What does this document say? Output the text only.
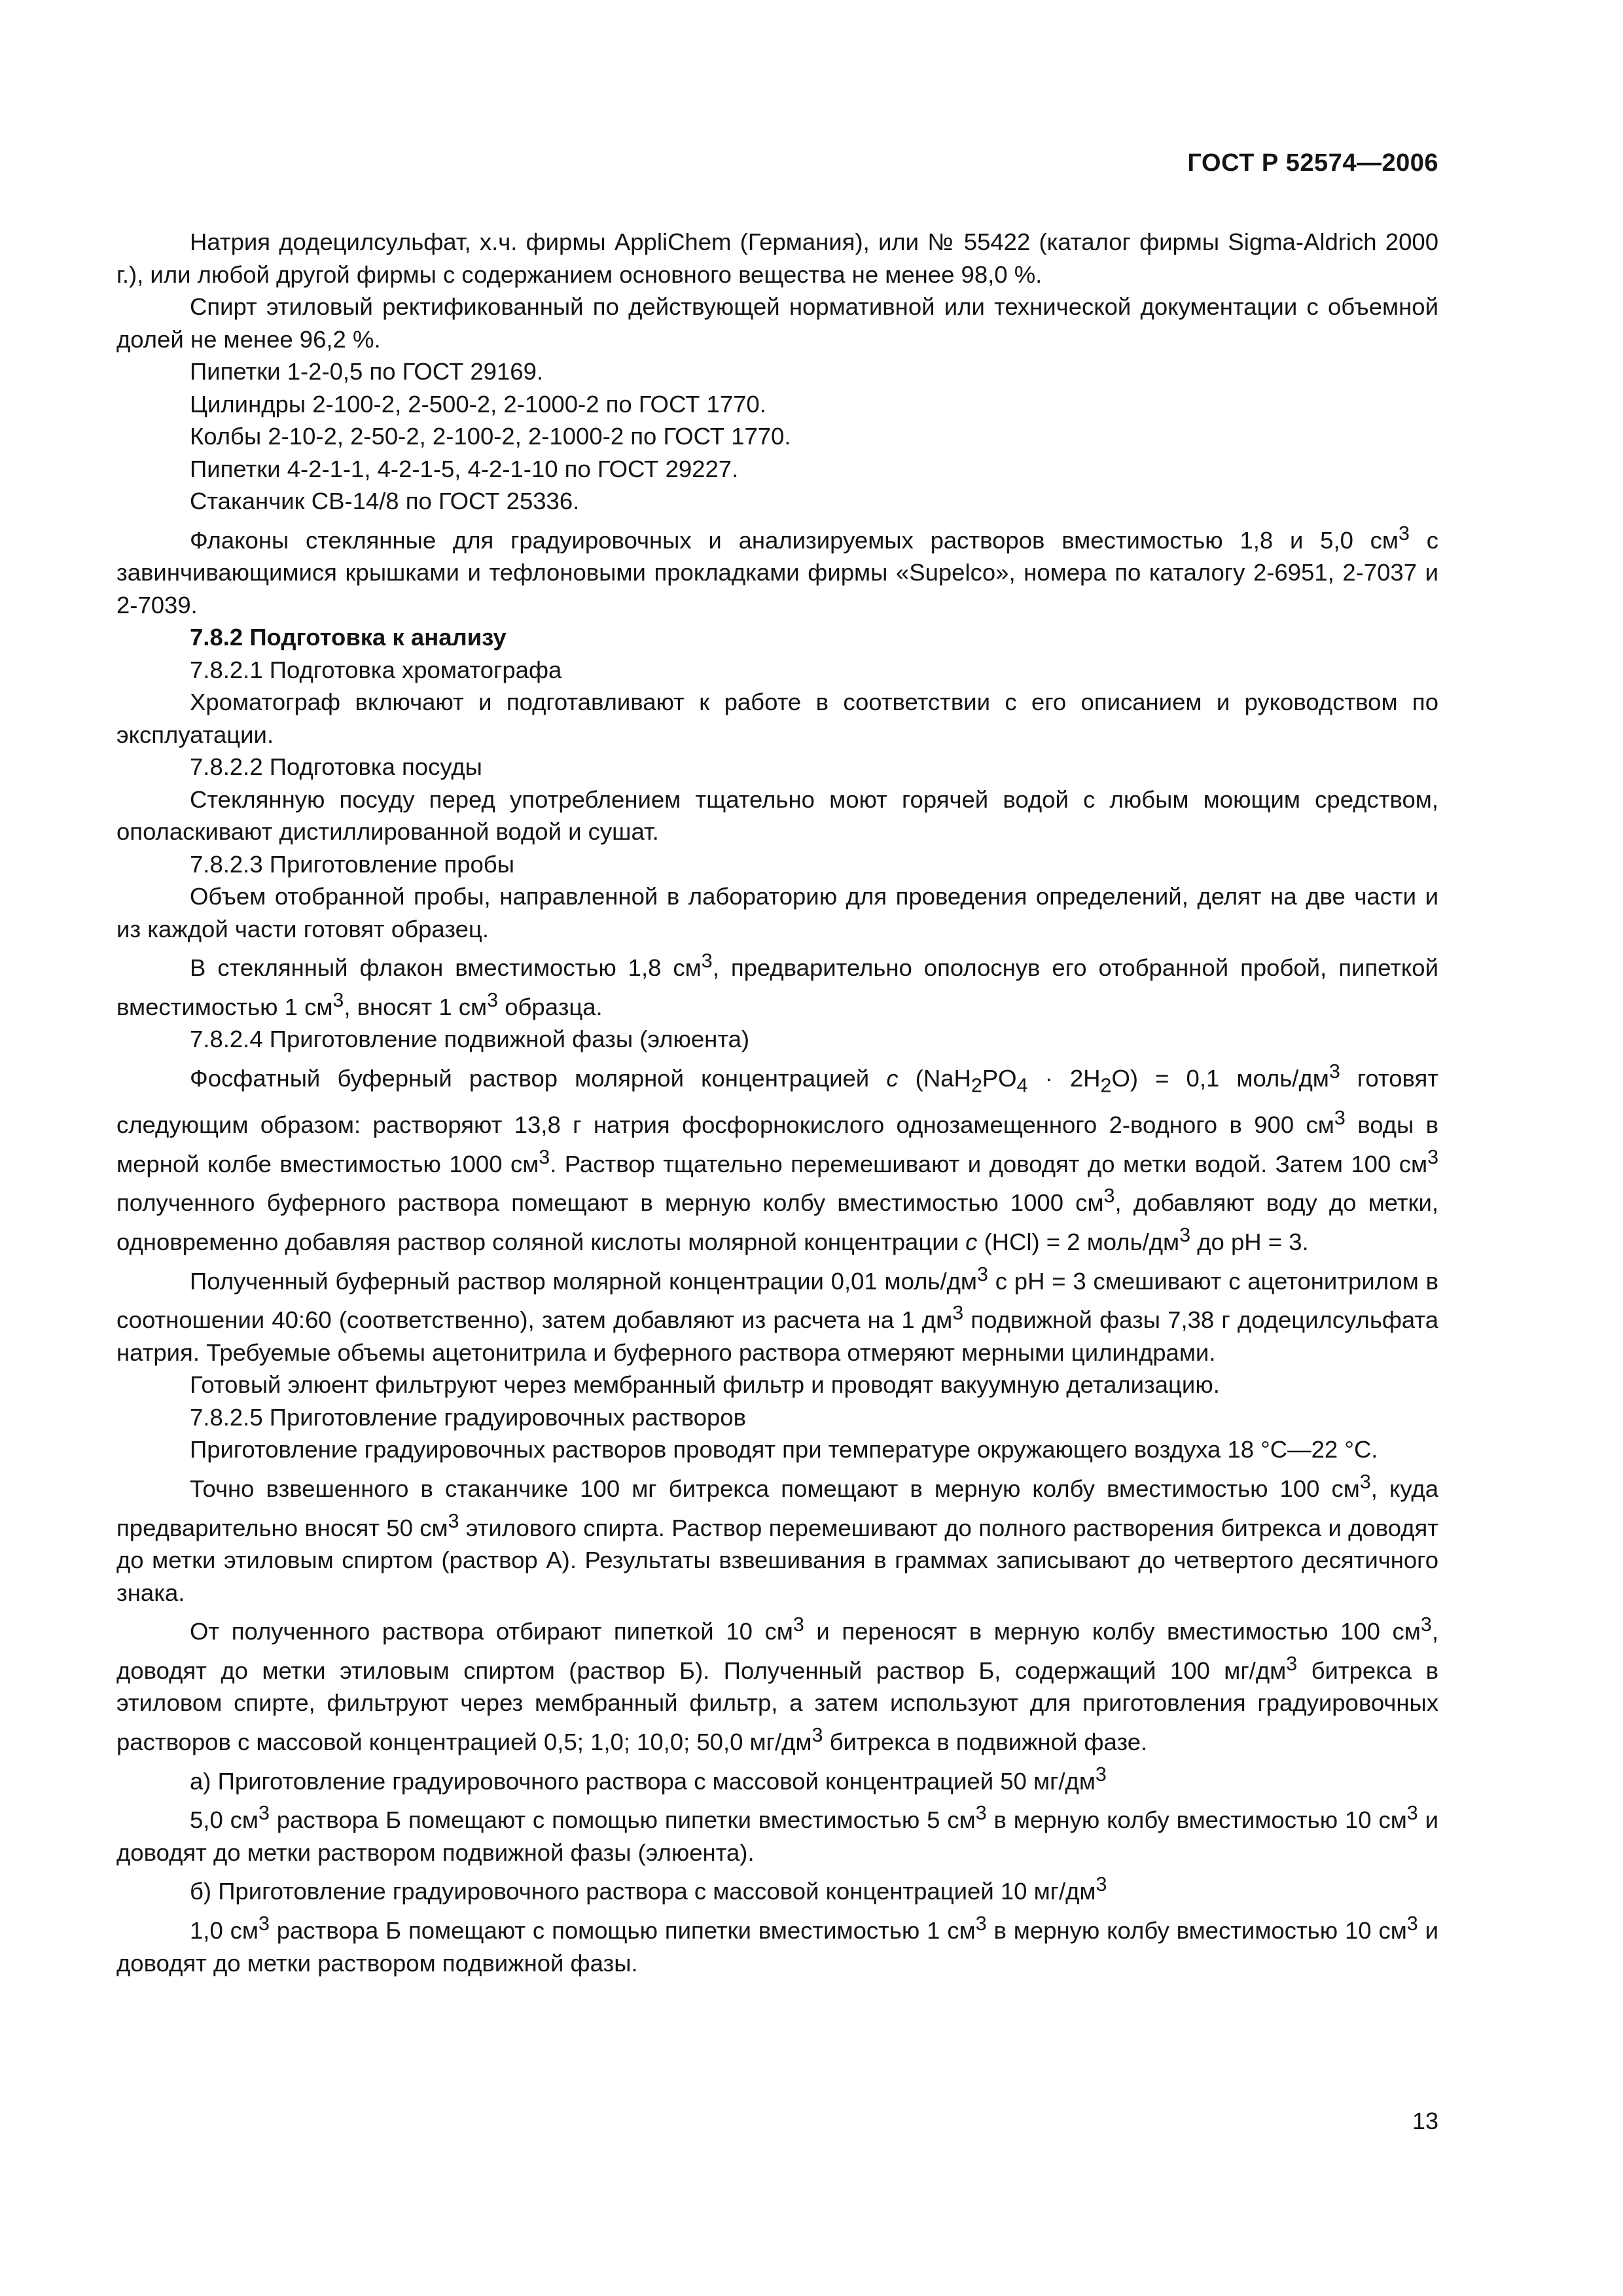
ГОСТ Р 52574—2006

Натрия додецилсульфат, х.ч. фирмы AppliChem (Германия), или № 55422 (каталог фирмы Sigma-Aldrich 2000 г.), или любой другой фирмы с содержанием основного вещества не менее 98,0 %.

Спирт этиловый ректификованный по действующей нормативной или технической документации с объемной долей не менее 96,2 %.

Пипетки 1-2-0,5 по ГОСТ 29169.

Цилиндры 2-100-2, 2-500-2, 2-1000-2 по ГОСТ 1770.

Колбы 2-10-2, 2-50-2, 2-100-2, 2-1000-2 по ГОСТ 1770.

Пипетки 4-2-1-1, 4-2-1-5, 4-2-1-10 по ГОСТ 29227.

Стаканчик СВ-14/8 по ГОСТ 25336.

Флаконы стеклянные для градуировочных и анализируемых растворов вместимостью 1,8 и 5,0 $см^3$ с завинчивающимися крышками и тефлоновыми прокладками фирмы «Supelco», номера по каталогу 2-6951, 2-7037 и 2-7039.

7.8.2 Подготовка к анализу

7.8.2.1 Подготовка хроматографа

Хроматограф включают и подготавливают к работе в соответствии с его описанием и руководством по эксплуатации.

7.8.2.2 Подготовка посуды

Стеклянную посуду перед употреблением тщательно моют горячей водой с любым моющим средством, ополаскивают дистиллированной водой и сушат.

7.8.2.3 Приготовление пробы

Объем отобранной пробы, направленной в лабораторию для проведения определений, делят на две части и из каждой части готовят образец.

В стеклянный флакон вместимостью 1,8 $см^3$, предварительно ополоснув его отобранной пробой, пипеткой вместимостью 1 $см^3$, вносят 1 $см^3$ образца.

7.8.2.4 Приготовление подвижной фазы (элюента)

Фосфатный буферный раствор молярной концентрацией с $(NaH_2PO_4 \cdot 2H_2O) = 0,1$ моль/$дм^3$ готовят следующим образом: растворяют 13,8 г натрия фосфорнокислого однозамещенного 2-водного в 900 $см^3$ воды в мерной колбе вместимостью 1000 $см^3$. Раствор тщательно перемешивают и доводят до метки водой. Затем 100 $см^3$ полученного буферного раствора помещают в мерную колбу вместимостью 1000 $см^3$, добавляют воду до метки, одновременно добавляя раствор соляной кислоты молярной концентрации с (HCl) = 2 моль/$дм^3$ до pH = 3.

Полученный буферный раствор молярной концентрации 0,01 моль/$дм^3$ с pH = 3 смешивают с ацетонитрилом в соотношении 40:60 (соответственно), затем добавляют из расчета на 1 $дм^3$ подвижной фазы 7,38 г додецилсульфата натрия. Требуемые объемы ацетонитрила и буферного раствора отмеряют мерными цилиндрами.

Готовый элюент фильтруют через мембранный фильтр и проводят вакуумную детализацию.

7.8.2.5 Приготовление градуировочных растворов

Приготовление градуировочных растворов проводят при температуре окружающего воздуха 18 °С—22 °С.

Точно взвешенного в стаканчике 100 мг битрекса помещают в мерную колбу вместимостью 100 $см^3$, куда предварительно вносят 50 $см^3$ этилового спирта. Раствор перемешивают до полного растворения битрекса и доводят до метки этиловым спиртом (раствор А). Результаты взвешивания в граммах записывают до четвертого десятичного знака.

От полученного раствора отбирают пипеткой 10 $см^3$ и переносят в мерную колбу вместимостью 100 $см^3$, доводят до метки этиловым спиртом (раствор Б). Полученный раствор Б, содержащий 100 $мг/дм^3$ битрекса в этиловом спирте, фильтруют через мембранный фильтр, а затем используют для приготовления градуировочных растворов с массовой концентрацией 0,5; 1,0; 10,0; 50,0 $мг/дм^3$ битрекса в подвижной фазе.

а) Приготовление градуировочного раствора с массовой концентрацией 50 $мг/дм^3$

5,0 $см^3$ раствора Б помещают с помощью пипетки вместимостью 5 $см^3$ в мерную колбу вместимостью 10 $см^3$ и доводят до метки раствором подвижной фазы (элюента).

б) Приготовление градуировочного раствора с массовой концентрацией 10 $мг/дм^3$

1,0 $см^3$ раствора Б помещают с помощью пипетки вместимостью 1 $см^3$ в мерную колбу вместимостью 10 $см^3$ и доводят до метки раствором подвижной фазы.

13
